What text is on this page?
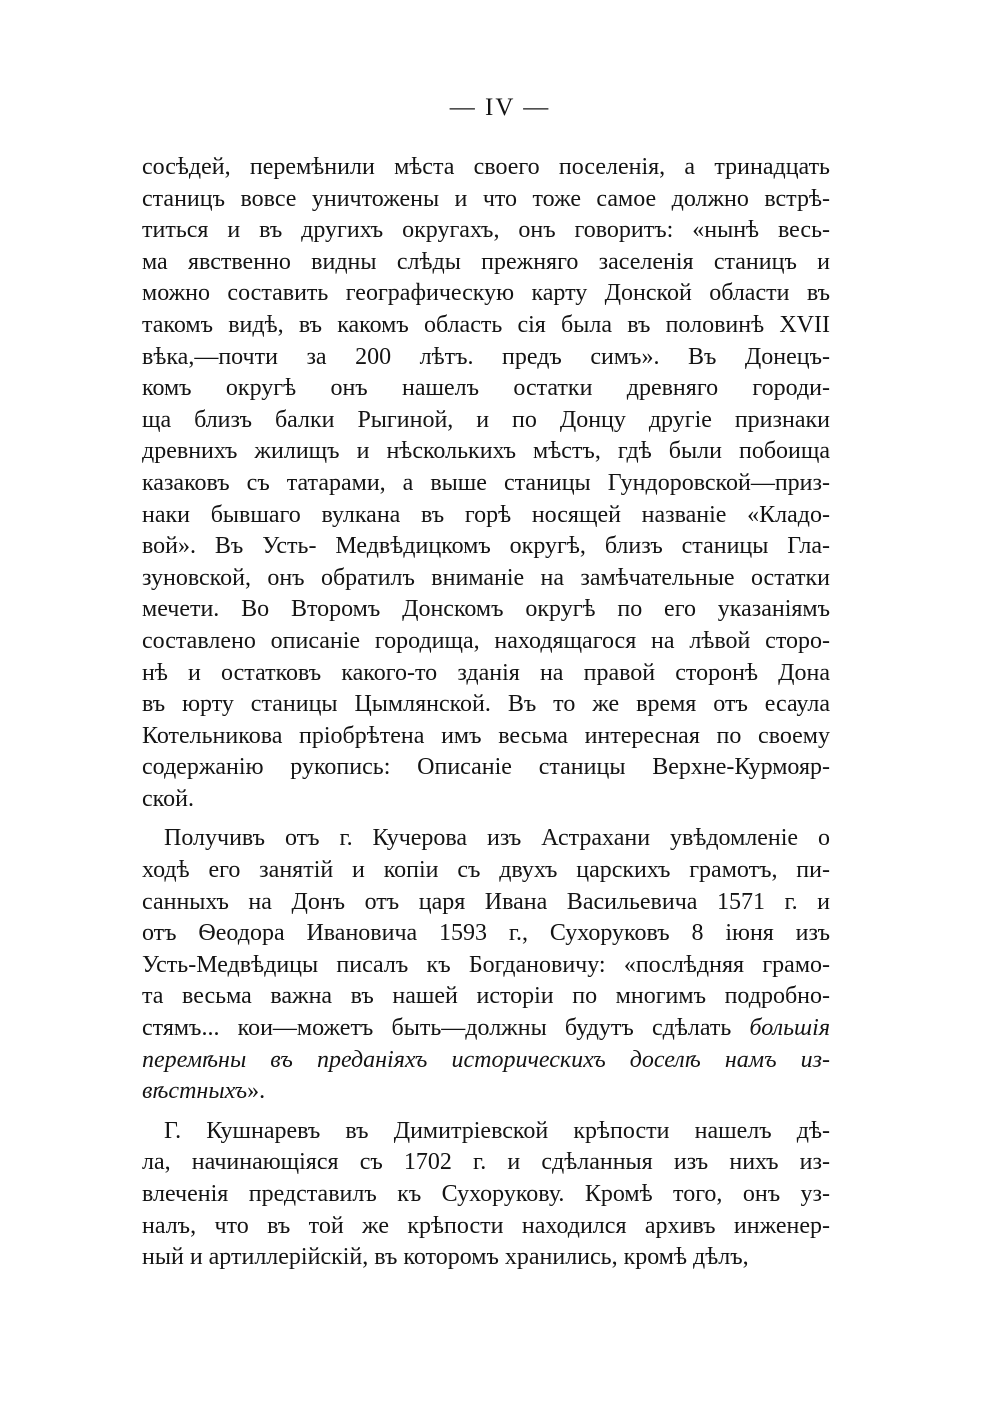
— IV —
сосѣдей, перемѣнили мѣста своего поселенія, а тринадцать
станицъ вовсе уничтожены и что тоже самое должно встрѣ-
титься и въ другихъ округахъ, онъ говоритъ: «нынѣ весь-
ма явственно видны слѣды прежняго заселенія станицъ и
можно составить географическую карту Донской области въ
такомъ видѣ, въ какомъ область сія была въ половинѣ XVII
вѣка,—почти за 200 лѣтъ. предъ симъ». Въ Донецъ-
комъ округѣ онъ нашелъ остатки древняго городи-
ща близъ балки Рыгиной, и по Донцу другіе признаки
древнихъ жилищъ и нѣсколькихъ мѣстъ, гдѣ были побоища
казаковъ съ татарами, а выше станицы Гундоровской—приз-
наки бывшаго вулкана въ горѣ носящей названіе «Кладо-
вой». Въ Усть- Медвѣдицкомъ округѣ, близъ станицы Гла-
зуновской, онъ обратилъ вниманіе на замѣчательные остатки
мечети. Во Второмъ Донскомъ округѣ по его указаніямъ
составлено описаніе городища, находящагося на лѣвой сторо-
нѣ и остатковъ какого-то зданія на правой сторонѣ Дона
въ юрту станицы Цымлянской. Въ то же время отъ есаула
Котельникова пріобрѣтена имъ весьма интересная по своему
содержанію рукопись: Описаніе станицы Верхне-Курмояр-
ской.
Получивъ отъ г. Кучерова изъ Астрахани увѣдомленіе о
ходѣ его занятій и копіи съ двухъ царскихъ грамотъ, пи-
санныхъ на Донъ отъ царя Ивана Васильевича 1571 г. и
отъ Ѳеодора Ивановича 1593 г., Сухоруковъ 8 іюня изъ
Усть-Медвѣдицы писалъ къ Богдановичу: «послѣдняя грамо-
та весьма важна въ нашей исторіи по многимъ подробно-
стямъ... кои—можетъ быть—должны будутъ сдѣлать большія
перемѣны въ преданіяхъ историческихъ доселѣ намъ из-
вѣстныхъ».
Г. Кушнаревъ въ Димитріевской крѣпости нашелъ дѣ-
ла, начинающіяся съ 1702 г. и сдѣланныя изъ нихъ из-
влеченія представилъ къ Сухорукову. Кромѣ того, онъ уз-
налъ, что въ той же крѣпости находился архивъ инженер-
ный и артиллерійскій, въ которомъ хранились, кромѣ дѣлъ,
